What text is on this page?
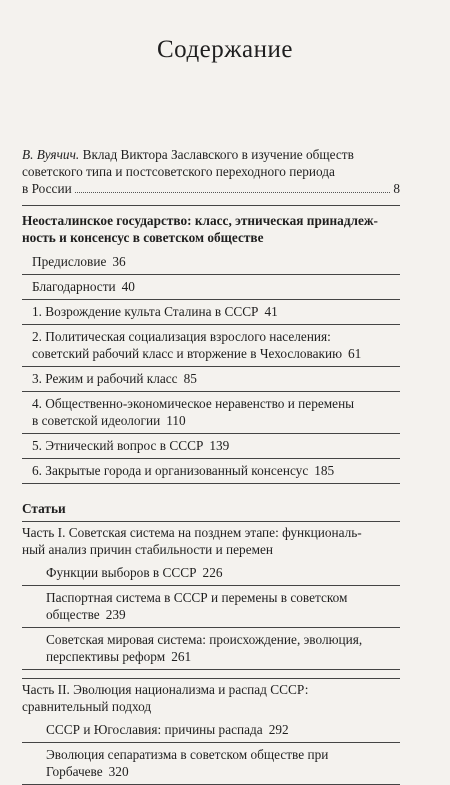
Содержание
В. Вуячич. Вклад Виктора Заславского в изучение обществ
советского типа и постсоветского переходного периода
в России	8
Неосталинское государство: класс, этническая принадлеж-
ность и консенсус в советском обществе
Предисловие 36
Благодарности 40
1. Возрождение культа Сталина в СССР 41
2. Политическая социализация взрослого населения:
советский рабочий класс и вторжение в Чехословакию 61
3. Режим и рабочий класс 85
4. Общественно-экономическое неравенство и перемены
в советской идеологии 110
5. Этнический вопрос в СССР 139
6. Закрытые города и организованный консенсус 185
Статьи
Часть I. Советская система на позднем этапе: функциональ-
ный анализ причин стабильности и перемен
Функции выборов в СССР 226
Паспортная система в СССР и перемены в советском
обществе 239
Советская мировая система: происхождение, эволюция,
перспективы реформ 261
Часть II. Эволюция национализма и распад СССР:
сравнительный подход
СССР и Югославия: причины распада 292
Эволюция сепаратизма в советском обществе при
Горбачеве 320
